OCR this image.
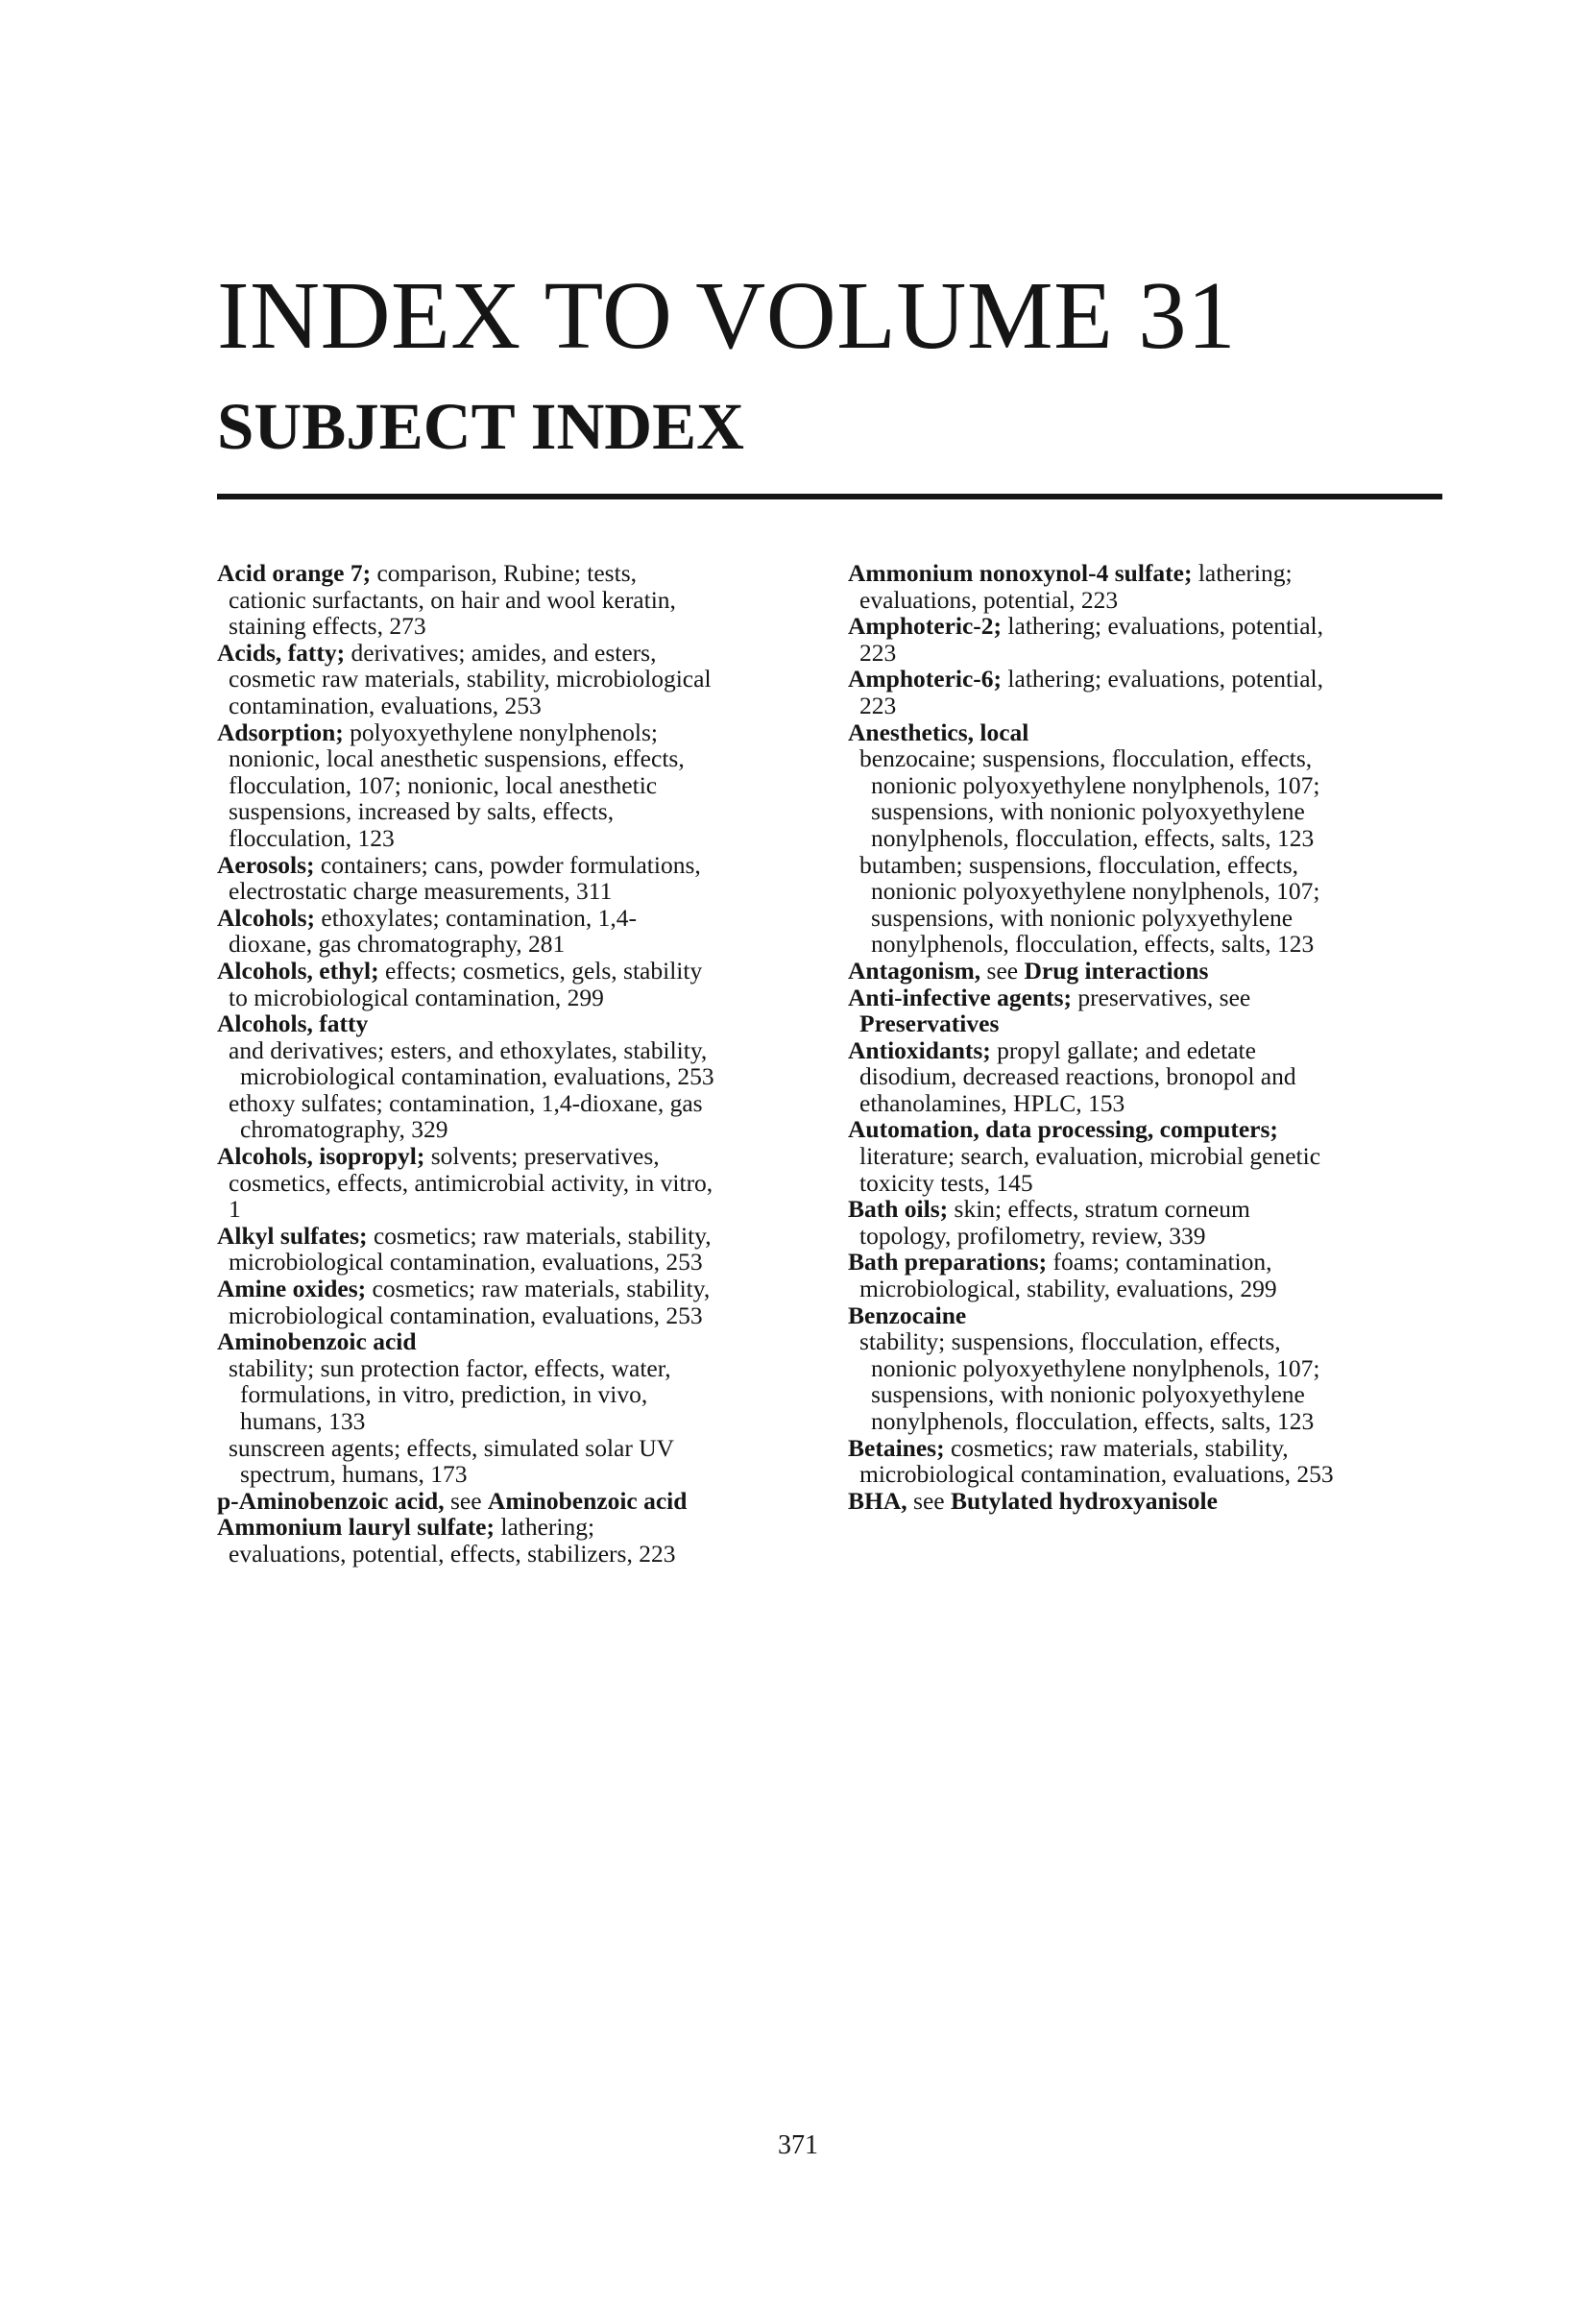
INDEX TO VOLUME 31
SUBJECT INDEX

Acid orange 7; comparison, Rubine; tests, cationic surfactants, on hair and wool keratin, staining effects, 273

Acids, fatty; derivatives; amides, and esters, cosmetic raw materials, stability, microbiological contamination, evaluations, 253

Adsorption; polyoxyethylene nonylphenols; nonionic, local anesthetic suspensions, effects, flocculation, 107; nonionic, local anesthetic suspensions, increased by salts, effects, flocculation, 123

Aerosols; containers; cans, powder formulations, electrostatic charge measurements, 311

Alcohols; ethoxylates; contamination, 1,4-dioxane, gas chromatography, 281

Alcohols, ethyl; effects; cosmetics, gels, stability to microbiological contamination, 299

Alcohols, fatty

and derivatives; esters, and ethoxylates, stability, microbiological contamination, evaluations, 253

ethoxy sulfates; contamination, 1,4-dioxane, gas chromatography, 329

Alcohols, isopropyl; solvents; preservatives, cosmetics, effects, antimicrobial activity, in vitro, 1

Alkyl sulfates; cosmetics; raw materials, stability, microbiological contamination, evaluations, 253

Amine oxides; cosmetics; raw materials, stability, microbiological contamination, evaluations, 253

Aminobenzoic acid

stability; sun protection factor, effects, water, formulations, in vitro, prediction, in vivo, humans, 133

sunscreen agents; effects, simulated solar UV spectrum, humans, 173

p-Aminobenzoic acid, see Aminobenzoic acid

Ammonium lauryl sulfate; lathering; evaluations, potential, effects, stabilizers, 223

Ammonium nonoxynol-4 sulfate; lathering; evaluations, potential, 223

Amphoteric-2; lathering; evaluations, potential, 223

Amphoteric-6; lathering; evaluations, potential, 223

Anesthetics, local

benzocaine; suspensions, flocculation, effects, nonionic polyoxyethylene nonylphenols, 107; suspensions, with nonionic polyoxyethylene nonylphenols, flocculation, effects, salts, 123

butamben; suspensions, flocculation, effects, nonionic polyoxyethylene nonylphenols, 107; suspensions, with nonionic polyxyethylene nonylphenols, flocculation, effects, salts, 123

Antagonism, see Drug interactions

Anti-infective agents; preservatives, see Preservatives

Antioxidants; propyl gallate; and edetate disodium, decreased reactions, bronopol and ethanolamines, HPLC, 153

Automation, data processing, computers; literature; search, evaluation, microbial genetic toxicity tests, 145

Bath oils; skin; effects, stratum corneum topology, profilometry, review, 339

Bath preparations; foams; contamination, microbiological, stability, evaluations, 299

Benzocaine

stability; suspensions, flocculation, effects, nonionic polyoxyethylene nonylphenols, 107; suspensions, with nonionic polyoxyethylene nonylphenols, flocculation, effects, salts, 123

Betaines; cosmetics; raw materials, stability, microbiological contamination, evaluations, 253

BHA, see Butylated hydroxyanisole

371
